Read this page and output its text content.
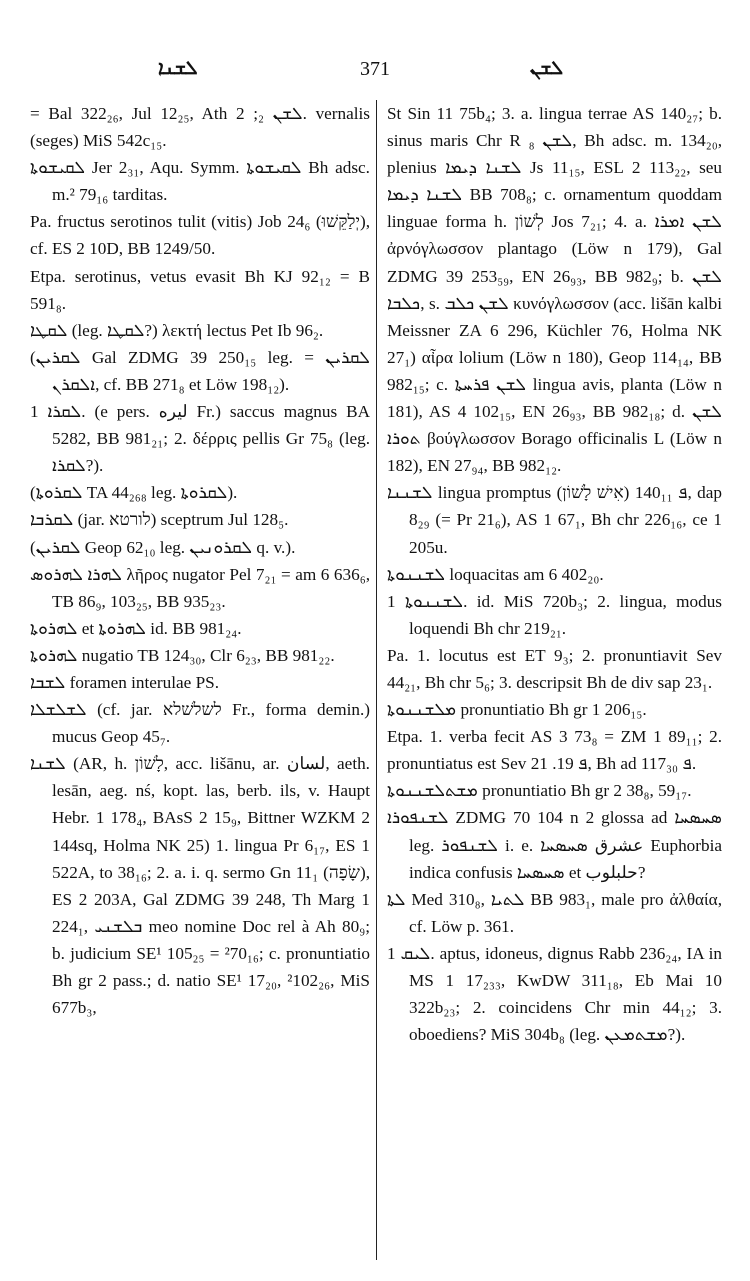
ܠܫܢܐ	371	ܠܫܢ

= Bal 322₂₆, Jul 12₂₅, Ath ܠܫܢ ₂; 2. vernalis (seges) MiS 542c₁₅.

ܠܩܝܫܘܬܐ Jer 2₃₁, Aqu. Symm. ܠܩܝܫܘܬܐ Bh adsc. m.² 79₁₆ tarditas.

Pa. fructus serotinos tulit (vitis) Job 24₆ (יְלַקֵּשׁוּ), cf. ES 2 10D, BB 1249/50.

Etpa. serotinus, vetus evasit Bh KJ 92₁₂ = B 591₈.

ܠܩܛܐ (leg. ܠܩܛܐ?) λεκτή lectus Pet Ib 96₂.

(ܠܩܪܝܢ Gal ZDMG 39 250₁₅ leg. ܠܩܪܝܢ = ܐܠܩܪܢ, cf. BB 271₈ et Löw 198₁₂).

ܠܩܪܐ 1. (e pers. ليره Fr.) saccus magnus BA 5282, BB 981₂₁; 2. δέρρις pellis Gr 75₈ (leg. ܠܩܪܐ?).

(ܠܩܪܘܬܐ TA 44₂₆₈ leg. ܠܩܪܘܬܐ).

ܠܩܪܒܐ (jar. לורטא) sceptrum Jul 128₅.

(ܠܩܪܝܢ Geop 62₁₀ leg. ܠܩܪܘܢܝܢ q. v.).

ܠܗܪܐ ܠܗܪܘܣ λῆρος nugator Pel 7₂₁ = am 6 636₆, TB 86₉, 103₂₅, BB 935₂₃.

ܠܗܪܘܬܐ et ܠܗܪܘܬܐ id. BB 981₂₄.

ܠܗܪܘܬܐ nugatio TB 124₃₀, Clr 6₂₃, BB 981₂₂.

ܠܫܒܐ foramen interulae PS.

ܠܫܠܫܠܐ (cf. jar. לשלשׁלא Fr., forma demin.) mucus Geop 45₇.

ܠܫܢܐ (AR, h. לָשׁוֹן, acc. lišānu, ar. لسان, aeth. lesān, aeg. nś, kopt. las, berb. ils, v. Haupt Hebr. 1 178₄, BAsS 2 15₉, Bittner WZKM 2 144sq, Holma NK 25) 1. lingua Pr 6₁₇, ES 1 522A, to 38₁₆; 2. a. i. q. sermo Gn 11₁ (שָׂפָה), ES 2 203A, Gal ZDMG 39 248, Th Marg 1 224₁, ܒܠܫܢܝ meo nomine Doc rel à Ah 80₉; b. judicium SE¹ 105₂₅ = ²70₁₆; c. pronuntiatio Bh gr 2 pass.; d. natio SE¹ 17₂₀, ²102₂₆, MiS 677b₃,

St Sin 11 75b₄; 3. a. lingua terrae AS 140₂₇; b. sinus maris Chr R ܠܫܢ ₈, Bh adsc. m. 134₂₀, plenius ܠܫܢܐ ܕܝܡܐ Js 11₁₅, ESL 2 113₂₂, seu ܠܫܢܐ ܕܝܡܐ BB 708₈; c. ornamentum quoddam linguae forma h. לְשׁוֹן Jos 7₂₁; 4. a. ܠܫܢ ܐܡܪܐ ἀρνόγλωσσον plantago (Löw n 179), Gal ZDMG 39 253₅₉, EN 26₉₃, BB 982₉; b. ܠܫܢ ܟܠܒܐ, s. ܠܫܢ ܟܠܒ κυνόγλωσσον (acc. lišān kalbi Meissner ZA 6 296, Küchler 76, Holma NK 27₁) αἶρα lolium (Löw n 180), Geop 114₁₄, BB 982₁₅; c. ܠܫܢ ܦܪܚܬܐ lingua avis, planta (Löw n 181), AS 4 102₁₅, EN 26₉₃, BB 982₁₈; d. ܠܫܢ ܬܘܪܐ βούγλωσσον Borago officinalis L (Löw n 182), EN 27₉₄, BB 982₁₂.

ܠܫܢܢܐ lingua promptus ܦ 140₁₁ (אִישׁ לָשׁוֹן), dap 8₂₉ (= Pr 21₆), AS 1 67₁, Bh chr 226₁₆, ce 1 205u.

ܠܫܢܢܘܬܐ loquacitas am 6 402₂₀.

ܠܫܢܢܘܬܐ 1. id. MiS 720b₃; 2. lingua, modus loquendi Bh chr 219₂₁.

Pa. 1. locutus est ET 9₃; 2. pronuntiavit Sev 44₂₁, Bh chr 5₆; 3. descripsit Bh de div sap 23₁.

ܡܠܫܢܢܘܬܐ pronuntiatio Bh gr 1 206₁₅.

Etpa. 1. verba fecit AS 3 73₈ = ZM 1 89₁₁; 2. pronuntiatus est Sev ܦ 19. 21, Bh ad ܦ 117₃₀.

ܡܫܬܠܫܢܢܘܬܐ pronuntiatio Bh gr 2 38₈, 59₁₇.

ܠܫܢܦܘܪܐ ZDMG 70 104 n 2 glossa ad ܣܚܣܚܐ leg. ܠܫܢܦܘܪ i. e. عشرق ܣܚܣܚܐ Euphorbia indica confusis ܣܚܣܚܐ et حلبلوب?

ܠܬܐ Med 310₈, ܠܬܝܐ BB 983₁, male pro ἀλθαία, cf. Löw p. 361.

ܠܝܩ 1. aptus, idoneus, dignus Rabb 236₂₄, IA in MS 1 17₂₃₃, KwDW 311₁₈, Eb Mai 10 322b₂₃; 2. coincidens Chr min 44₁₂; 3. oboediens? MiS 304b₈ (leg. ܡܫܬܡܥܢ?).
